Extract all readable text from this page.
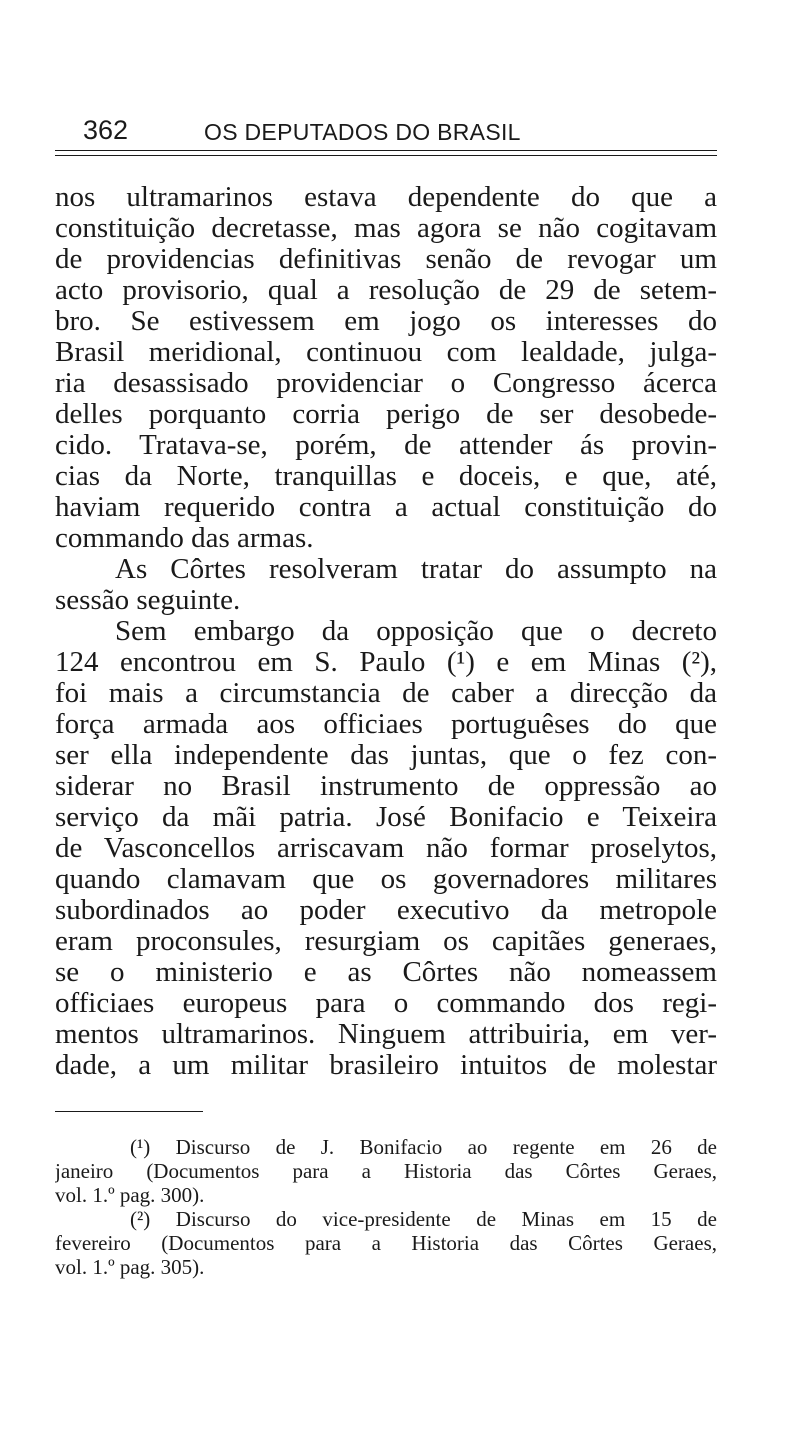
362	OS DEPUTADOS DO BRASIL
nos ultramarinos estava dependente do que a
constituição decretasse, mas agora se não cogitavam
de providencias definitivas senão de revogar um
acto provisorio, qual a resolução de 29 de setem-
bro. Se estivessem em jogo os interesses do
Brasil meridional, continuou com lealdade, julga-
ria desassisado providenciar o Congresso ácerca
delles porquanto corria perigo de ser desobede-
cido. Tratava-se, porém, de attender ás provin-
cias da Norte, tranquillas e doceis, e que, até,
haviam requerido contra a actual constituição do
commando das armas.
As Côrtes resolveram tratar do assumpto na
sessão seguinte.
Sem embargo da opposição que o decreto
124 encontrou em S. Paulo (¹) e em Minas (²),
foi mais a circumstancia de caber a direcção da
força armada aos officiaes portuguêses do que
ser ella independente das juntas, que o fez con-
siderar no Brasil instrumento de oppressão ao
serviço da mãi patria. José Bonifacio e Teixeira
de Vasconcellos arriscavam não formar proselytos,
quando clamavam que os governadores militares
subordinados ao poder executivo da metropole
eram proconsules, resurgiam os capitães generaes,
se o ministerio e as Côrtes não nomeassem
officiaes europeus para o commando dos regi-
mentos ultramarinos. Ninguem attribuiria, em ver-
dade, a um militar brasileiro intuitos de molestar
(¹) Discurso de J. Bonifacio ao regente em 26 de
janeiro (Documentos para a Historia das Côrtes Geraes,
vol. 1.º pag. 300).
(²) Discurso do vice-presidente de Minas em 15 de
fevereiro (Documentos para a Historia das Côrtes Geraes,
vol. 1.º pag. 305).
